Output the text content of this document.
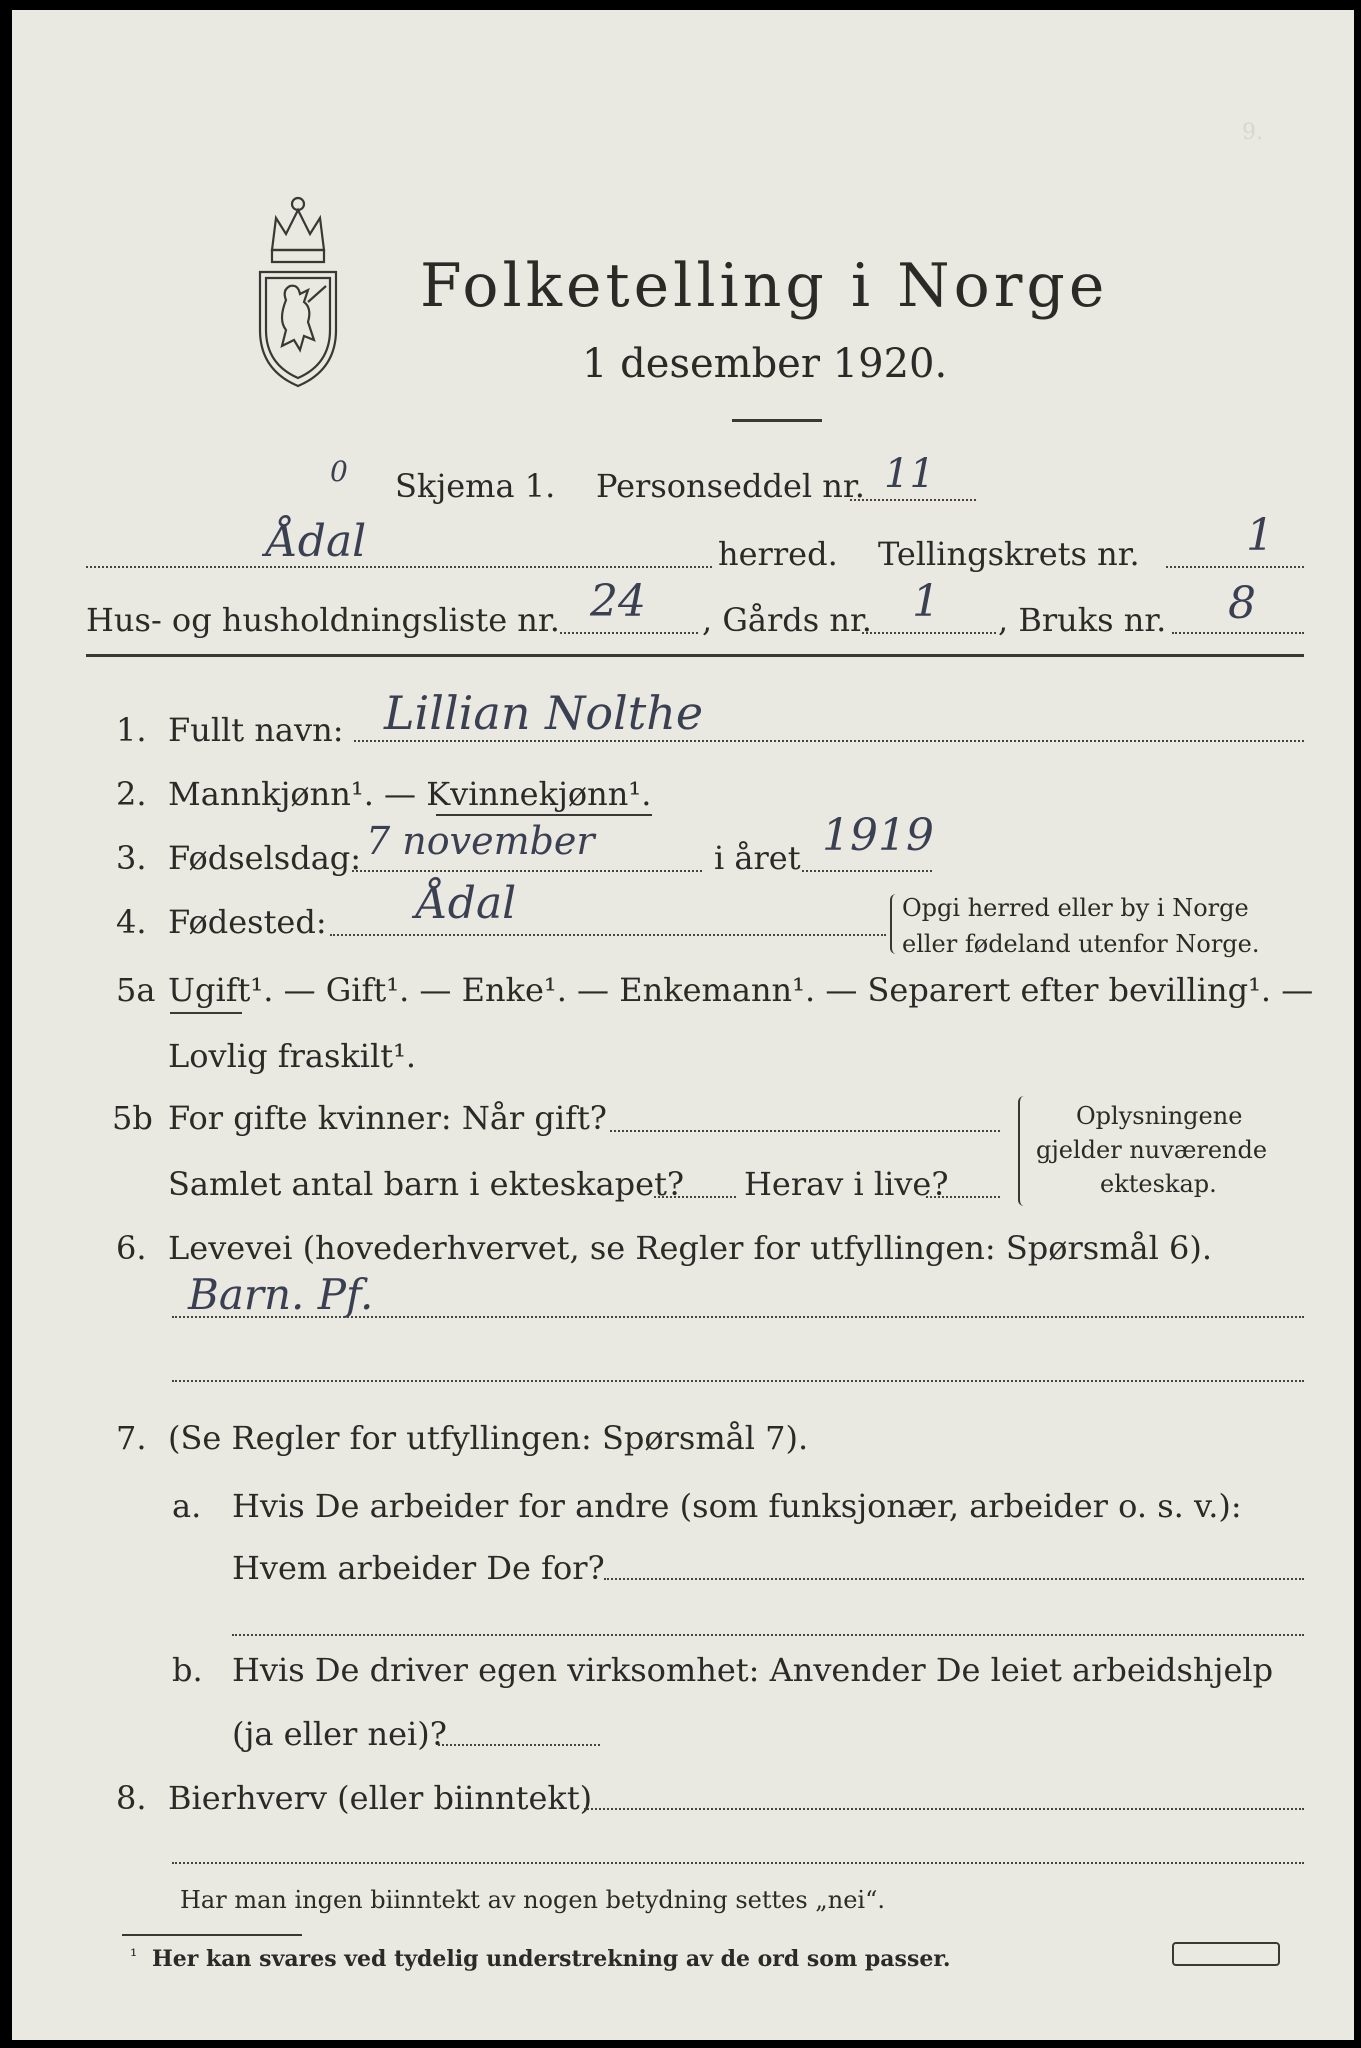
9.
Folketelling i Norge
1 desember 1920.
0 Skjema 1. Personseddel nr. 11
Ådal	herred. Tellingskrets nr. 1
Hus- og husholdningsliste nr. 24 , Gårds nr. 1 , Bruks nr. 8
1. Fullt navn: Lillian Nolthe
2. Mannkjønn¹. — Kvinnekjønn¹.
3. Fødselsdag: 7 november	i året 1919
4. Fødested: Ådal	Opgi herred eller by i Norge
eller fødeland utenfor Norge.
5a Ugift¹. — Gift¹. — Enke¹. — Enkemann¹. — Separert efter bevilling¹. —
Lovlig fraskilt¹.
5b For gifte kvinner: Når gift?
Samlet antal barn i ekteskapet? Herav i live?
Oplysningene
gjelder nuværende
ekteskap.
6. Levevei (hovederhvervet, se Regler for utfyllingen: Spørsmål 6).
Barn. Pf.
7. (Se Regler for utfyllingen: Spørsmål 7).
a. Hvis De arbeider for andre (som funksjonær, arbeider o. s. v.):
Hvem arbeider De for?
b. Hvis De driver egen virksomhet: Anvender De leiet arbeidshjelp
(ja eller nei)?
8. Bierhverv (eller biinntekt)
Har man ingen biinntekt av nogen betydning settes „nei“.
¹ Her kan svares ved tydelig understrekning av de ord som passer.
